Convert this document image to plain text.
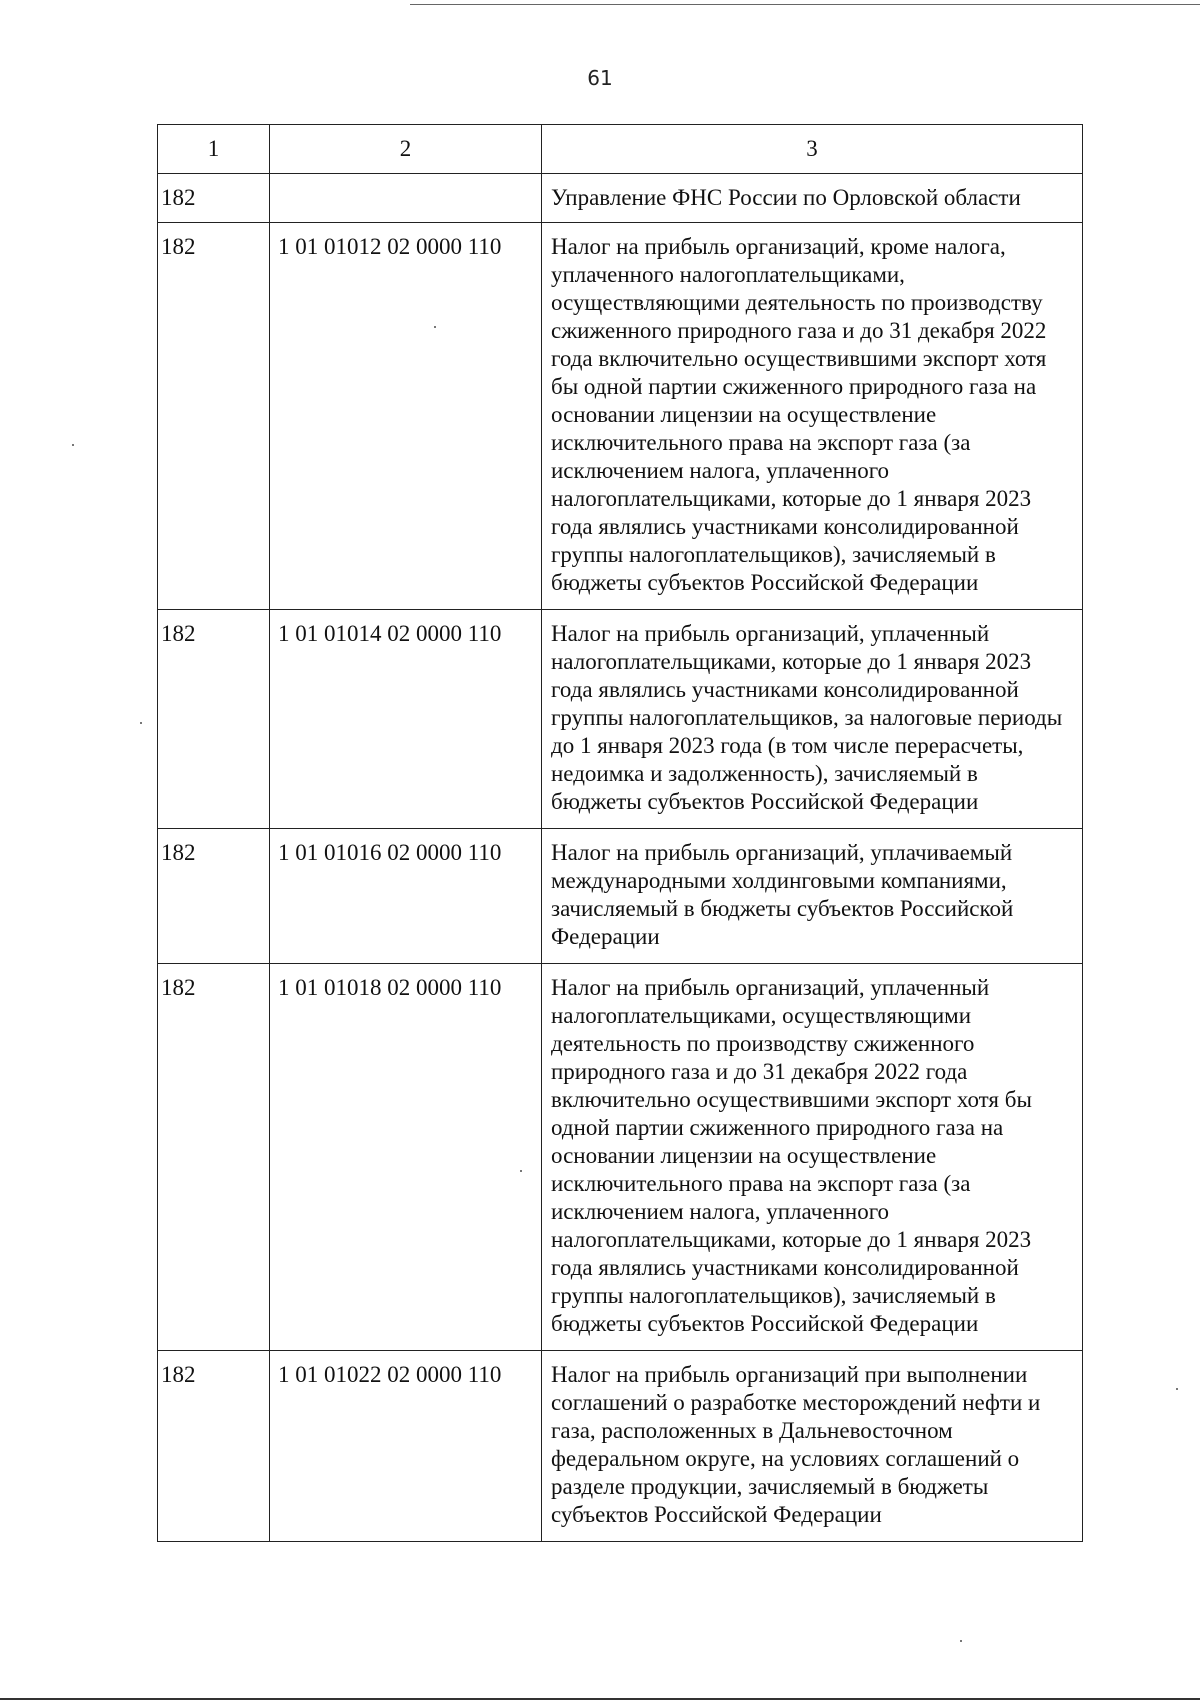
61
1	2	3
182		Управление ФНС России по Орловской области
182	1 01 01012 02 0000 110	Налог на прибыль организаций, кроме налога, уплаченного налогоплательщиками, осуществляющими деятельность по производству сжиженного природного газа и до 31 декабря 2022 года включительно осуществившими экспорт хотя бы одной партии сжиженного природного газа на основании лицензии на осуществление исключительного права на экспорт газа (за исключением налога, уплаченного налогоплательщиками, которые до 1 января 2023 года являлись участниками консолидированной группы налогоплательщиков), зачисляемый в бюджеты субъектов Российской Федерации
182	1 01 01014 02 0000 110	Налог на прибыль организаций, уплаченный налогоплательщиками, которые до 1 января 2023 года являлись участниками консолидированной группы налогоплательщиков, за налоговые периоды до 1 января 2023 года (в том числе перерасчеты, недоимка и задолженность), зачисляемый в бюджеты субъектов Российской Федерации
182	1 01 01016 02 0000 110	Налог на прибыль организаций, уплачиваемый международными холдинговыми компаниями, зачисляемый в бюджеты субъектов Российской Федерации
182	1 01 01018 02 0000 110	Налог на прибыль организаций, уплаченный налогоплательщиками, осуществляющими деятельность по производству сжиженного природного газа и до 31 декабря 2022 года включительно осуществившими экспорт хотя бы одной партии сжиженного природного газа на основании лицензии на осуществление исключительного права на экспорт газа (за исключением налога, уплаченного налогоплательщиками, которые до 1 января 2023 года являлись участниками консолидированной группы налогоплательщиков), зачисляемый в бюджеты субъектов Российской Федерации
182	1 01 01022 02 0000 110	Налог на прибыль организаций при выполнении соглашений о разработке месторождений нефти и газа, расположенных в Дальневосточном федеральном округе, на условиях соглашений о разделе продукции, зачисляемый в бюджеты субъектов Российской Федерации
